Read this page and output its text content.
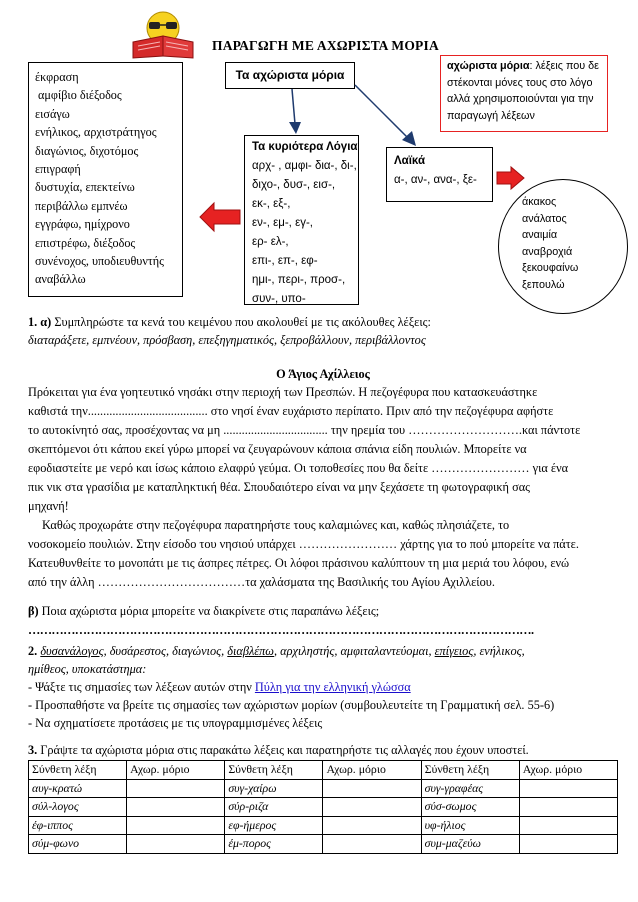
ΠΑΡΑΓΩΓΗ ΜΕ ΑΧΩΡΙΣΤΑ ΜΟΡΙΑ
έκφραση
αμφίβιο διέξοδος
εισάγω
ενήλικος, αρχιστράτηγος
διαγώνιος, διχοτόμος
επιγραφή
δυστυχία, επεκτείνω
περιβάλλω εμπνέω
εγγράφω, ημίχρονο
επιστρέφω, διέξοδος
συνένοχος, υποδιευθυντής
αναβάλλω
Τα αχώριστα μόρια
Τα κυριότερα Λόγια
αρχ- , αμφι- δια-, δι-,
διχο-, δυσ-, εισ-,
εκ-, εξ-,
εν-, εμ-, εγ-,
ερ- ελ-,
επι-, επ-, εφ-
ημι-, περι-, προσ-,
συν-, υπο-
Λαϊκά
α-, αν-, ανα-, ξε-
αχώριστα μόρια: λέξεις που δε στέκονται μόνες τους στο λόγο αλλά χρησιμοποιούνται για την παραγωγή λέξεων
άκακος
ανάλατος
αναιμία
αναβροχιά
ξεκουφαίνω
ξεπουλώ
1. α) Συμπληρώστε τα κενά του κειμένου που ακολουθεί με τις ακόλουθες λέξεις:
διαταράξετε, εμπνέουν, πρόσβαση, επεξηγηματικός, ξεπροβάλλουν, περιβάλλοντος
Ο Άγιος Αχίλλειος
Πρόκειται για ένα γοητευτικό νησάκι στην περιοχή των Πρεσπών. Η πεζογέφυρα που κατασκευάστηκε
καθιστά την....................................... στο νησί έναν ευχάριστο περίπατο. Πριν από την πεζογέφυρα αφήστε
το αυτοκίνητό σας, προσέχοντας να μη .................................. την ηρεμία του ……………………….και πάντοτε
σκεπτόμενοι ότι κάπου εκεί γύρω μπορεί να ζευγαρώνουν κάποια σπάνια είδη πουλιών. Μπορείτε να
εφοδιαστείτε με νερό και ίσως κάποιο ελαφρύ γεύμα. Οι τοποθεσίες που θα δείτε …………………… για ένα
πικ νικ στα γρασίδια με καταπληκτική θέα. Σπουδαιότερο είναι να μην ξεχάσετε τη φωτογραφική σας
μηχανή!
Καθώς προχωράτε στην πεζογέφυρα παρατηρήστε τους καλαμιώνες και, καθώς πλησιάζετε, το
νοσοκομείο πουλιών. Στην είσοδο του νησιού υπάρχει …………………… χάρτης για το πού μπορείτε να πάτε.
Κατευθυνθείτε το μονοπάτι με τις άσπρες πέτρες. Οι λόφοι πράσινου καλύπτουν τη μια μεριά του λόφου, ενώ
από την άλλη ………………………………τα χαλάσματα της Βασιλικής του Αγίου Αχιλλείου.
β) Ποια αχώριστα μόρια μπορείτε να διακρίνετε στις παραπάνω λέξεις;
………………………………………………………………………………………………………………….
2. δυσανάλογος, δυσάρεστος, διαγώνιος, διαβλέπω, αρχιληστής, αμφιταλαντεύομαι, επίγειος, ενήλικος,
ημίθεος, υποκατάστημα:
- Ψάξτε τις σημασίες των λέξεων αυτών στην Πύλη για την ελληνική γλώσσα
- Προσπαθήστε να βρείτε τις σημασίες των αχώριστων μορίων (συμβουλευτείτε τη Γραμματική σελ. 55-6)
- Να σχηματίσετε προτάσεις με τις υπογραμμισμένες λέξεις
3. Γράψτε τα αχώριστα μόρια στις παρακάτω λέξεις και παρατηρήστε τις αλλαγές που έχουν υποστεί.
Σύνθετη λέξη	Αχωρ. μόριο	Σύνθετη λέξη	Αχωρ. μόριο	Σύνθετη λέξη	Αχωρ. μόριο
αυγ-κρατώ		συγ-χαίρω		συγ-γραφέας	
σύλ-λογος		σύρ-ριζα		σύσ-σωμος	
έφ-ιππος		εφ-ήμερος		υφ-ήλιος	
σύμ-φωνο		έμ-πορος		συμ-μαζεύω	
